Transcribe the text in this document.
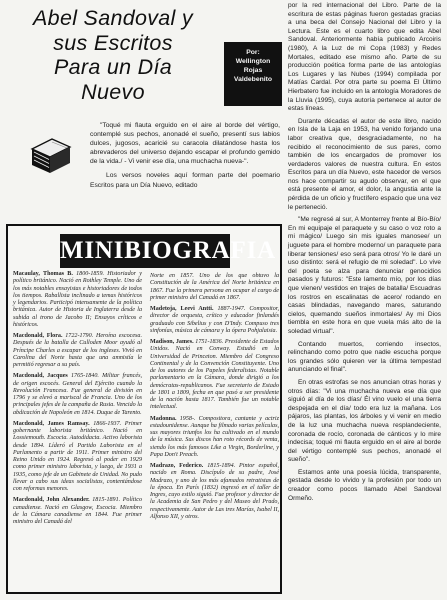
Abel Sandoval y
sus Escritos
Para un Día
Nuevo
Por:
Wellington
Rojas
Valdebenito

"Toqué mi flauta erguido en el aire al borde del vértigo, contemplé sus pechos, anonadé el sueño, presentí sus labios dulces, jugosos, acaricié su caracola dilatándose hasta los abrevaderos del universo dejando escapar el profundo gemido de la vida./ - Vi venir ese día, una muchacha nueva-".

Los versos noveles aquí forman parte del poemario Escritos para un Día Nuevo, editado

MINIBIOGRAFIA

Macaulay, Thomas B. 1800-1859. Historiador y político británico. Nació en Rothley Temple. Uno de los más notables ensayistas e historiadores de todos los tiempos. Raballista inclinado a temas históricos y legendarios. Participó intensamente de la política británica. Autor de Historia de Inglaterra desde la subida al trono de Jacobo II; Ensayos críticos e históricos.

Macdonald, Flora. 1722-1790. Heroína escocesa. Después de la batalla de Culloden Moor ayudó al Príncipe Charles a escapar de los ingleses. Vivió en Carolina del Norte hasta que una amnistía le permitió regresar a su país.

Macdonald, Jacques 1765-1840. Militar francés, de origen escocés. General del Ejército cuando la Revolución Francesa. Fue general de división en 1796 y se elevó a mariscal de Francia. Uno de los principales jefes de la campaña de Rusia. Vencido la abdicación de Napoleón en 1814. Duque de Tarento.

Macdonald, James Ramsay. 1866-1937. Primer gobernante laborista británico. Nació en Lossiemouth. Escocia. Autodidacta. Activo laborista desde 1894. Líderó el Partido Laborista en el Parlamento a partir de 1911. Primer ministro del Reino Unido en 1924. Regresó al poder en 1929 como primer ministro laborista, y luego, de 1931 a 1935, como jefe de un Gabinete de Unidad. No pudo llevar a cabo sus ideas socialistas, contentándose con reformas menores.

Macdonald, John Alexander. 1815-1891. Político canadiense. Nació en Glasgow, Escocia. Miembro de la Cámara canadiense en 1844. Fue primer ministro del Canadá del

Norte en 1857. Uno de los que obtuvo la Constitución de la América del Norte británica en 1867. Fue la primera persona en ocupar el cargo de primer ministro del Canadá en 1867.

Madetoja, Leevi Antti. 1887-1947. Compositor, director de orquesta, crítico y educador finlandés graduado con Sibelius y con D'Indy. Compuso tres sinfonías, música de cámara y la ópera Pohjalaisia.

Madison, James. 1751-1836. Presidente de Estados Unidos. Nació en Conway. Estudió en la Universidad de Princeton. Miembro del Congreso Continental y de la Convención Constituyente. Uno de los autores de los Papeles federalistas. Notable parlamentario en la Cámara, donde dirigió a los demócratas-republicanos. Fue secretario de Estado de 1801 a 1809, fecha en que pasó a ser presidente de la nación hasta 1817. También fue un notable intelectual.

Madonna. 1958-. Compositora, cantante y actriz estadounidense. Aunque ha filmado varias películas, sus mayores triunfos los ha cultivado en el mundo de la música. Sus discos han roto récords de venta, siendo los más famosos Like a Virgin, Borderline, y Papa Don't Preach.

Madrazo, Federico. 1815-1894. Pintor español, nacido en Roma. Discípulo de su padre, José Madrazo, y uno de los más afamados retratistas de la época. En París (1832) ingresó en el taller de Ingres, cuyo estilo siguió. Fue profesor y director de la Academia de San Pedro y del Museo del Prado, respectivamente. Autor de Las tres Marías, Isabel II, Alfonso XII, y otros.

por la red internacional del Libro. Parte de la escritura de estas páginas fueron gestadas gracias a una beca del Consejo Nacional del Libro y la Lectura. Este es el cuarto libro que edita Abel Sandoval. Anteriormente había publicado Arcoiris (1980), A la Luz de mi Copa (1983) y Redes Mortales, editado ese mismo año. Parte de su producción poética forma parte de las antologías Los Lugares y las Nubes (1994) compilada por Matías Cardal. Por otra parte su poema El Último Hierbatero fue incluido en la antología Moradores de la Lluvia (1995), cuya autoría pertenece al autor de estas líneas.

Durante décadas el autor de este libro, nacido en Isla de la Laja en 1953, ha venido forjando una labor creativa que, desgraciadamente, no ha recibido el reconocimiento de sus pares, como también de los encargados de promover los verdaderos valores de nuestra cultura. En estos Escritos para un día Nuevo, este hacedor de versos nos hace compartir su agudo observar, en el que está presente el amor, el dolor, la angustia ante la pérdida de un oficio y fructífero espacio que una vez le perteneció.

"Me regresé al sur, A Monterrey frente al Bío-Bío/ En mi equipaje el paraquete y su caso o voz roto a mi mágico/ Luego sin mis iguales manosee/ un juguete para el hombre moderno/ un paraquete para liberar tensiones/ eso será para otros/ Yo le daré un uso distinto: será el refugio de mi soledad". Lo vive del poeta se alza para denunciar genocidios pasados y futuros: "Este lamento mío, por los días que vienen/ vestidos en trajes de batalla/ Escuadras los rostros en escalinatas de acero/ rodando en casas blindadas, navegando mares, saturando cielos, quemando sueños inmortales/ Ay mi Dios tiembla en este hora en que vuela más alto de la soledad virtual".

Contando muertos, corriendo insectos, relinchando como potro que nadie escucha porque los grandes sólo quieren ver la última tempestad anunciando el final".

En otras estrofas se nos anuncian otras horas y otros días: "Vi una muchacha nueva ese día que siguió al día de los días/ Él vino vuelo el una tierra despejada en el día/ todo era luz la mañana. Los pájaros, las plantas, los árboles y vi venir en medio de la luz una muchacha nueva resplandeciente, coronada de rocío, coronada de cánticos y lo mire indecisa; toqué mi flauta erguido en el aire al borde del vértigo contemplé sus pechos, anonadé el sueño".

Estamos ante una poesía lúcida, transparente, gestada desde lo vivido y la profesión por todo un creador como pocos llamado Abel Sandoval Ormeño.
